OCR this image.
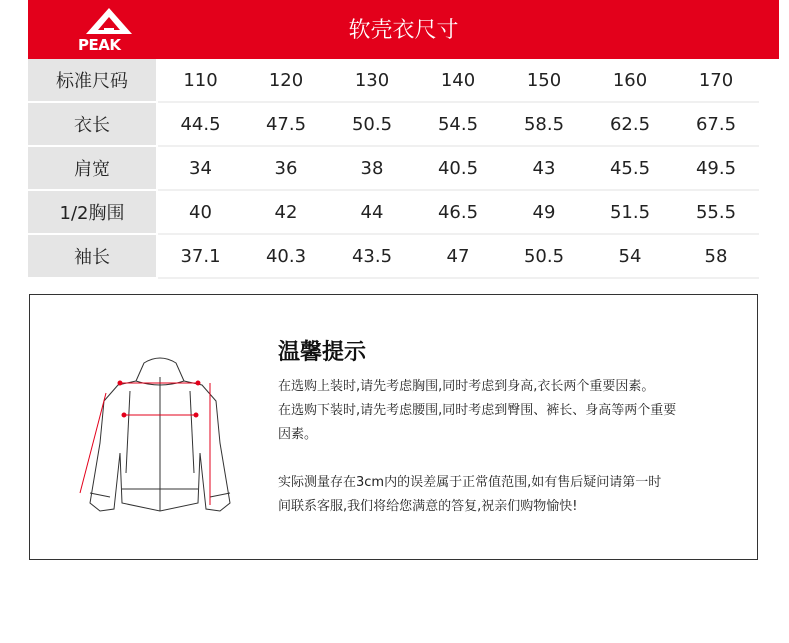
PEAK
软壳衣尺寸
标准尺码	110	120	130	140	150	160	170
衣长	44.5	47.5	50.5	54.5	58.5	62.5	67.5
肩宽	34	36	38	40.5	43	45.5	49.5
1/2胸围	40	42	44	46.5	49	51.5	55.5
袖长	37.1	40.3	43.5	47	50.5	54	58
温馨提示

在选购上装时,请先考虑胸围,同时考虑到身高,衣长两个重要因素。

在选购下装时,请先考虑腰围,同时考虑到臀围、裤长、身高等两个重要

因素。

实际测量存在3cm内的误差属于正常值范围,如有售后疑问请第一时

间联系客服,我们将给您满意的答复,祝亲们购物愉快!
